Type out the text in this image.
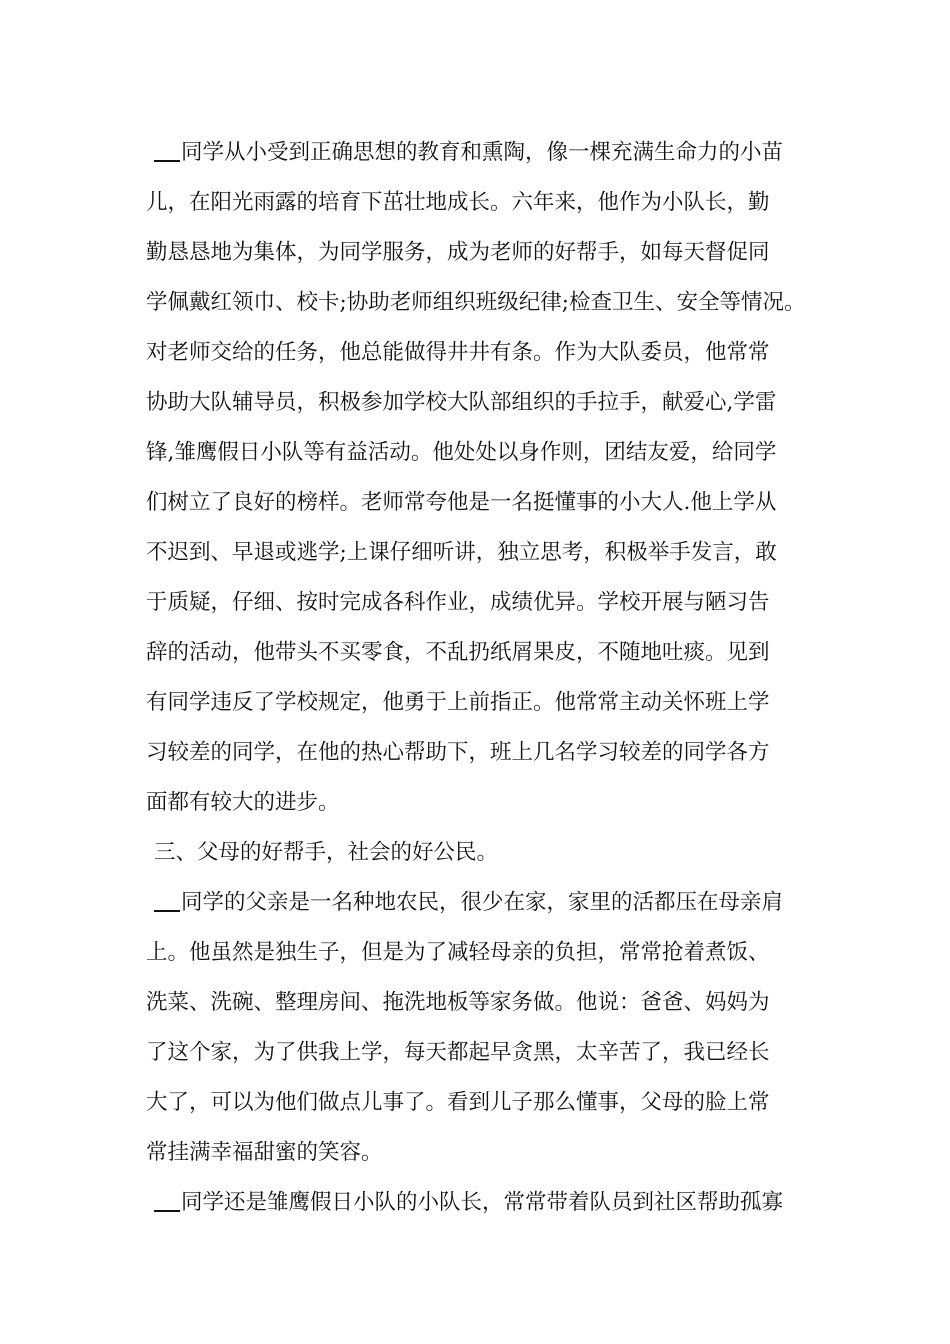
同学从小受到正确思想的教育和熏陶，像一棵充满生命力的小苗
儿，在阳光雨露的培育下茁壮地成长。六年来，他作为小队长，勤
勤恳恳地为集体，为同学服务，成为老师的好帮手，如每天督促同
学佩戴红领巾、校卡;协助老师组织班级纪律;检查卫生、安全等情况。
对老师交给的任务，他总能做得井井有条。作为大队委员，他常常
协助大队辅导员，积极参加学校大队部组织的手拉手，献爱心,学雷
锋,雏鹰假日小队等有益活动。他处处以身作则，团结友爱，给同学
们树立了良好的榜样。老师常夸他是一名挺懂事的小大人.他上学从
不迟到、早退或逃学;上课仔细听讲，独立思考，积极举手发言，敢
于质疑，仔细、按时完成各科作业，成绩优异。学校开展与陋习告
辞的活动，他带头不买零食，不乱扔纸屑果皮，不随地吐痰。见到
有同学违反了学校规定，他勇于上前指正。他常常主动关怀班上学
习较差的同学，在他的热心帮助下，班上几名学习较差的同学各方
面都有较大的进步。
三、父母的好帮手，社会的好公民。
同学的父亲是一名种地农民，很少在家，家里的活都压在母亲肩
上。他虽然是独生子，但是为了减轻母亲的负担，常常抢着煮饭、
洗菜、洗碗、整理房间、拖洗地板等家务做。他说：爸爸、妈妈为
了这个家，为了供我上学，每天都起早贪黑，太辛苦了，我已经长
大了，可以为他们做点儿事了。看到儿子那么懂事，父母的脸上常
常挂满幸福甜蜜的笑容。
同学还是雏鹰假日小队的小队长，常常带着队员到社区帮助孤寡
